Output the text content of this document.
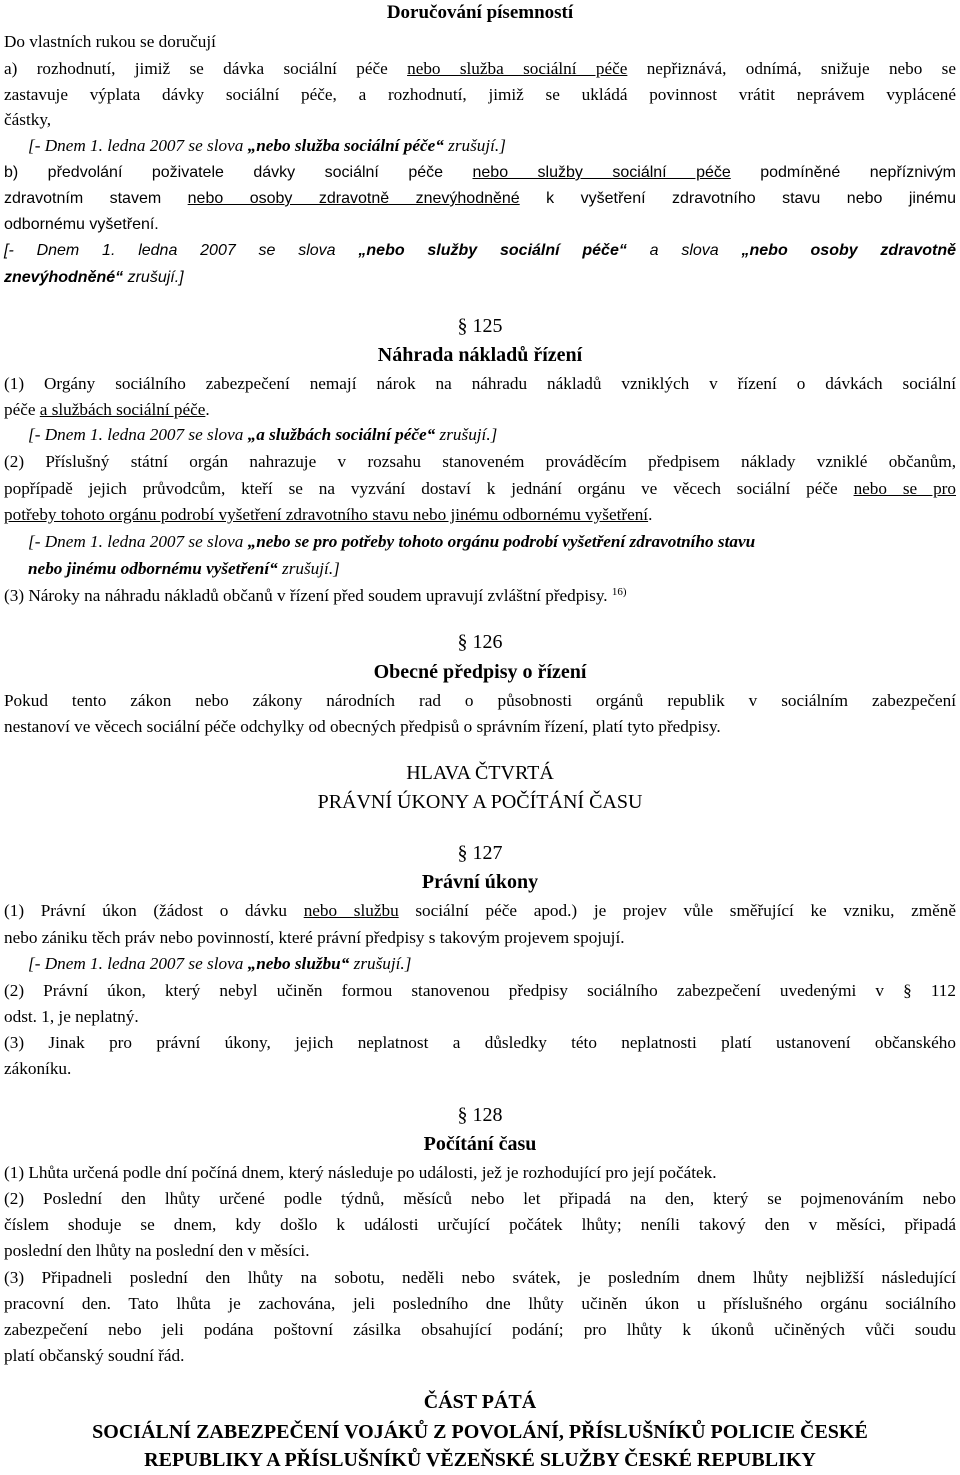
Doručování písemností
Do vlastních rukou se doručují
a) rozhodnutí, jimiž se dávka sociální péče nebo služba sociální péče nepřiznává, odnímá, snižuje nebo se
zastavuje výplata dávky sociální péče, a rozhodnutí, jimiž se ukládá povinnost vrátit neprávem vyplácené
částky,
[- Dnem 1. ledna 2007 se slova „nebo služba sociální péče“ zrušují.]
b) předvolání poživatele dávky sociální péče nebo služby sociální péče podmíněné nepříznivým
zdravotním stavem nebo osoby zdravotně znevýhodněné k vyšetření zdravotního stavu nebo jinému
odbornému vyšetření.
[- Dnem 1. ledna 2007 se slova „nebo služby sociální péče“ a slova „nebo osoby zdravotně
znevýhodněné“ zrušují.]
§ 125
Náhrada nákladů řízení
(1) Orgány sociálního zabezpečení nemají nárok na náhradu nákladů vzniklých v řízení o dávkách sociální
péče a službách sociální péče.
[- Dnem 1. ledna 2007 se slova „a službách sociální péče“ zrušují.]
(2) Příslušný státní orgán nahrazuje v rozsahu stanoveném prováděcím předpisem náklady vzniklé občanům,
popřípadě jejich průvodcům, kteří se na vyzvání dostaví k jednání orgánu ve věcech sociální péče nebo se pro
potřeby tohoto orgánu podrobí vyšetření zdravotního stavu nebo jinému odbornému vyšetření.
[- Dnem 1. ledna 2007 se slova „nebo se pro potřeby tohoto orgánu podrobí vyšetření zdravotního stavu
nebo jinému odbornému vyšetření“ zrušují.]
(3) Nároky na náhradu nákladů občanů v řízení před soudem upravují zvláštní předpisy. $^{16)}$
§ 126
Obecné předpisy o řízení
Pokud tento zákon nebo zákony národních rad o působnosti orgánů republik v sociálním zabezpečení
nestanoví ve věcech sociální péče odchylky od obecných předpisů o správním řízení, platí tyto předpisy.
HLAVA ČTVRTÁ
PRÁVNÍ ÚKONY A POČÍTÁNÍ ČASU
§ 127
Právní úkony
(1) Právní úkon (žádost o dávku nebo službu sociální péče apod.) je projev vůle směřující ke vzniku, změně
nebo zániku těch práv nebo povinností, které právní předpisy s takovým projevem spojují.
[- Dnem 1. ledna 2007 se slova „nebo službu“ zrušují.]
(2) Právní úkon, který nebyl učiněn formou stanovenou předpisy sociálního zabezpečení uvedenými v § 112
odst. 1, je neplatný.
(3) Jinak pro právní úkony, jejich neplatnost a důsledky této neplatnosti platí ustanovení občanského
zákoníku.
§ 128
Počítání času
(1) Lhůta určená podle dní počíná dnem, který následuje po události, jež je rozhodující pro její počátek.
(2) Poslední den lhůty určené podle týdnů, měsíců nebo let připadá na den, který se pojmenováním nebo
číslem shoduje se dnem, kdy došlo k události určující počátek lhůty; neníli takový den v měsíci, připadá
poslední den lhůty na poslední den v měsíci.
(3) Připadneli poslední den lhůty na sobotu, neděli nebo svátek, je posledním dnem lhůty nejbližší následující
pracovní den. Tato lhůta je zachována, jeli posledního dne lhůty učiněn úkon u příslušného orgánu sociálního
zabezpečení nebo jeli podána poštovní zásilka obsahující podání; pro lhůty k úkonů učiněných vůči soudu
platí občanský soudní řád.
ČÁST PÁTÁ
SOCIÁLNÍ ZABEZPEČENÍ VOJÁKŮ Z POVOLÁNÍ, PŘÍSLUŠNÍKŮ POLICIE ČESKÉ
REPUBLIKY A PŘÍSLUŠNÍKŮ VĚZEŇSKÉ SLUŽBY ČESKÉ REPUBLIKY
